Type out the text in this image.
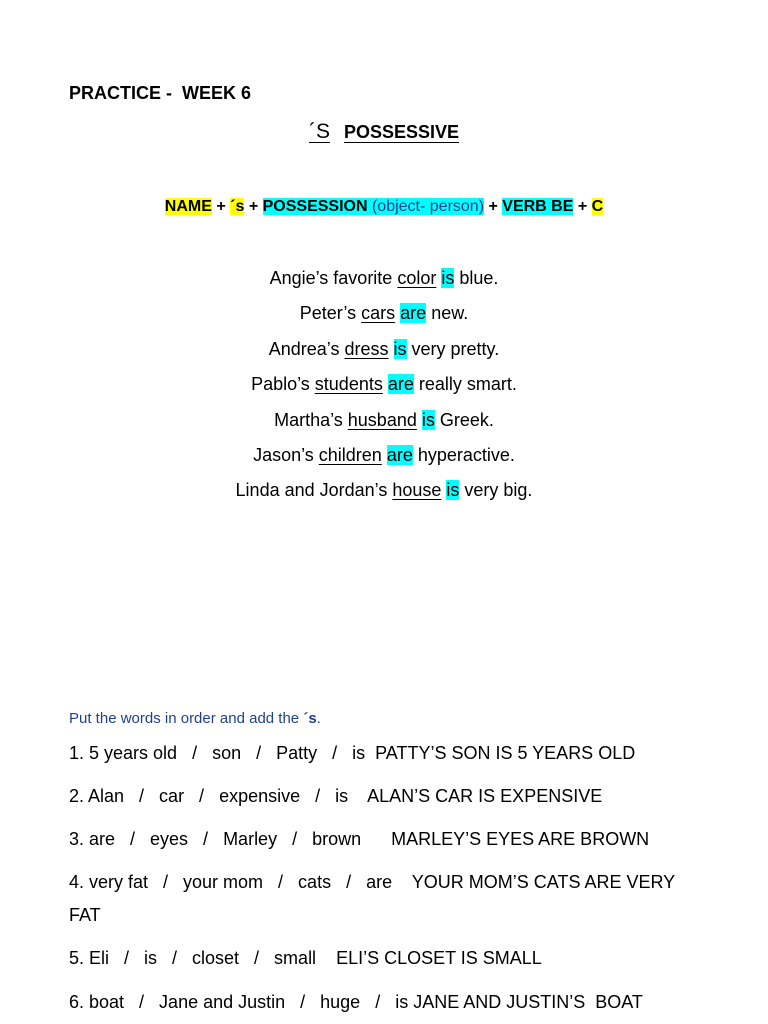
PRACTICE -  WEEK 6
´S POSSESSIVE
NAME + ´s + POSSESSION (object- person) + VERB BE + C
Angie’s favorite color is blue.
Peter’s cars are new.
Andrea’s dress is very pretty.
Pablo’s students are really smart.
Martha’s husband is Greek.
Jason’s children are hyperactive.
Linda and Jordan’s house is very big.
Put the words in order and add the ´s.
1. 5 years old   /   son   /   Patty   /   is  PATTY’S SON IS 5 YEARS OLD
2. Alan   /   car   /   expensive   /   is    ALAN’S CAR IS EXPENSIVE
3. are   /   eyes   /   Marley   /   brown      MARLEY’S EYES ARE BROWN
4. very fat   /   your mom   /   cats   /   are    YOUR MOM’S CATS ARE VERY FAT
5. Eli   /   is   /   closet   /   small    ELI’S CLOSET IS SMALL
6. boat   /   Jane and Justin   /   huge   /   is JANE AND JUSTIN’S  BOAT
